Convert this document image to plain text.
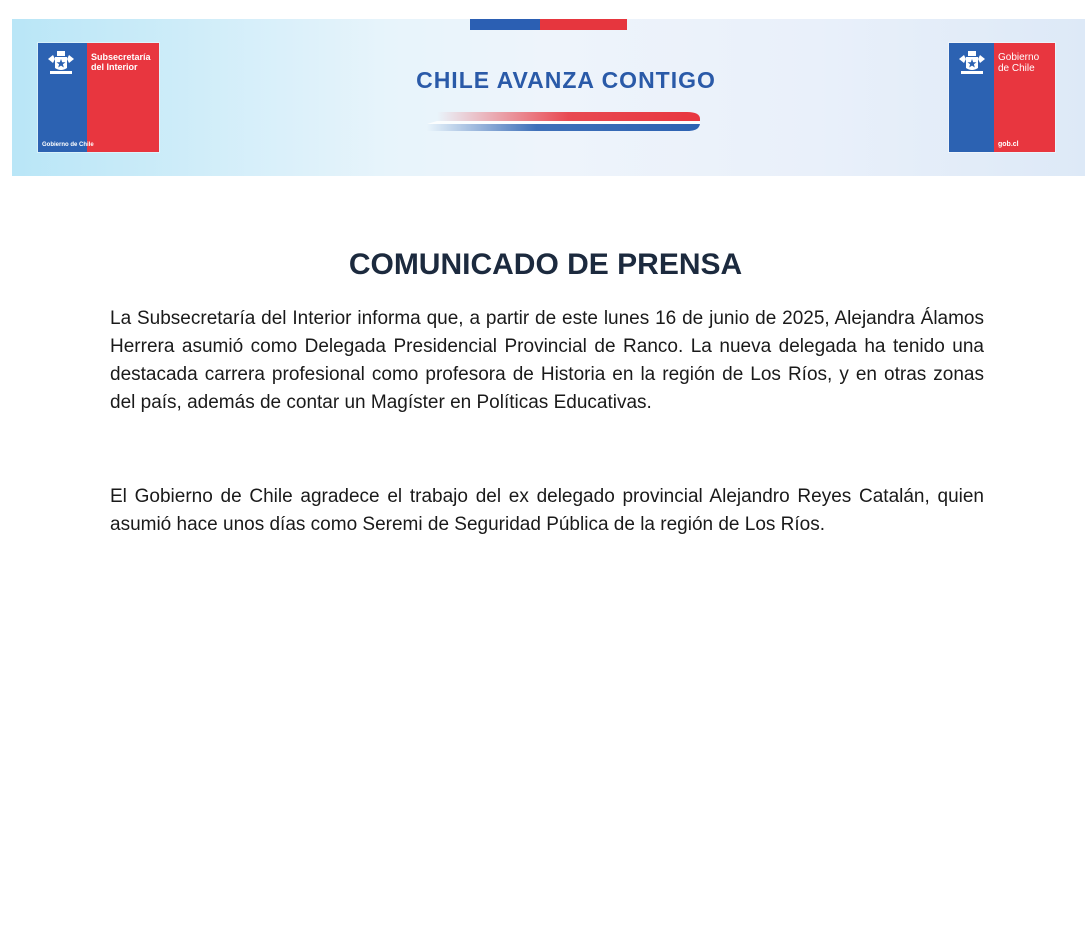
Subsecretaría
del Interior
Gobierno de Chile
CHILE AVANZA CONTIGO
Gobierno
de Chile
gob.cl
COMUNICADO DE PRENSA

La Subsecretaría del Interior informa que, a partir de este lunes 16 de junio de 2025, Alejandra Álamos Herrera asumió como Delegada Presidencial Provincial de Ranco. La nueva delegada ha tenido una destacada carrera profesional como profesora de Historia en la región de Los Ríos, y en otras zonas del país, además de contar un Magíster en Políticas Educativas.

El Gobierno de Chile agradece el trabajo del ex delegado provincial Alejandro Reyes Catalán, quien asumió hace unos días como Seremi de Seguridad Pública de la región de Los Ríos.
